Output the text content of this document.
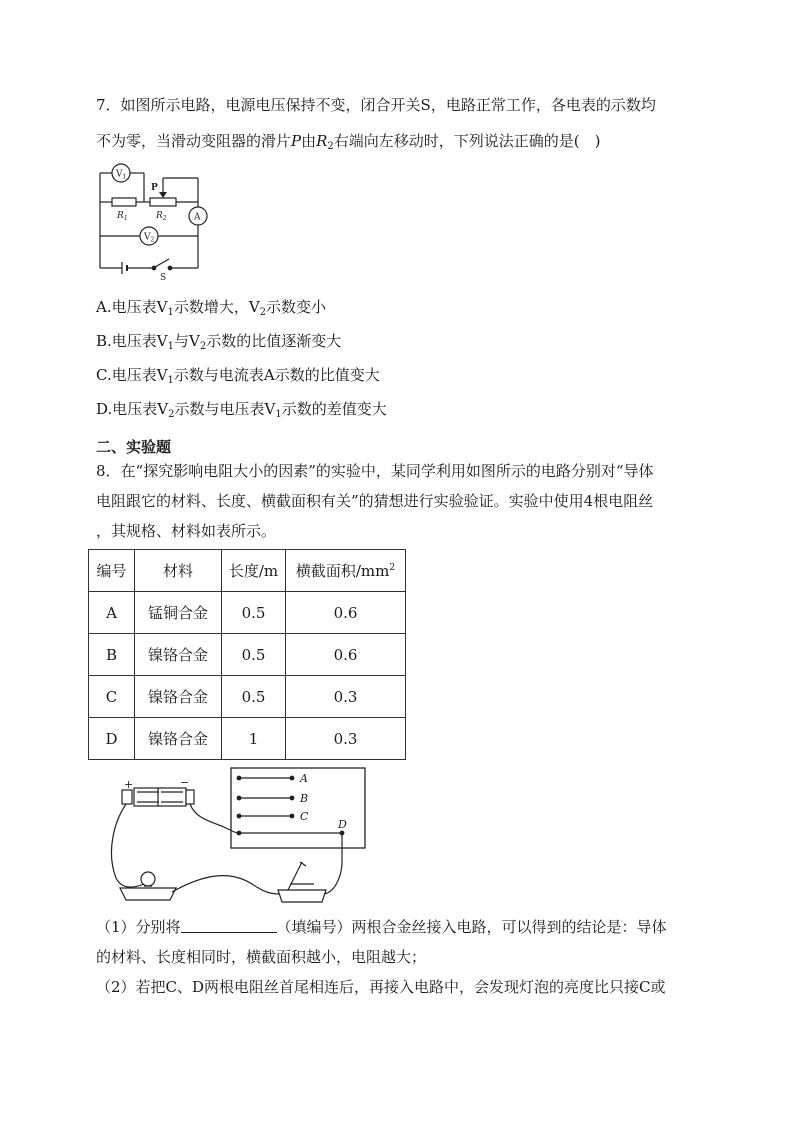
7．如图所示电路，电源电压保持不变，闭合开关S，电路正常工作，各电表的示数均
不为零，当滑动变阻器的滑片P由$R_2$右端向左移动时，下列说法正确的是(　)
$V_1$
P
$R_1$	$R_2$	A
$V_2$
S
A.电压表$V_1$示数增大，$V_2$示数变小
B.电压表$V_1$与$V_2$示数的比值逐渐变大
C.电压表$V_1$示数与电流表A示数的比值变大
D.电压表$V_2$示数与电压表$V_1$示数的差值变大
二、实验题
8．在“探究影响电阻大小的因素”的实验中，某同学利用如图所示的电路分别对“导体
电阻跟它的材料、长度、横截面积有关”的猜想进行实验验证。实验中使用4根电阻丝
，其规格、材料如表所示。
编号	材料	长度/m	横截面积$/mm^2$
A	锰铜合金	0.5	0.6
B	镍铬合金	0.5	0.6
C	镍铬合金	0.5	0.3
D	镍铬合金	1	0.3
A
B
C
D
+	−
（1）分别将	（填编号）两根合金丝接入电路，可以得到的结论是：导体
的材料、长度相同时，横截面积越小，电阻越大；
（2）若把C、D两根电阻丝首尾相连后，再接入电路中，会发现灯泡的亮度比只接C或
